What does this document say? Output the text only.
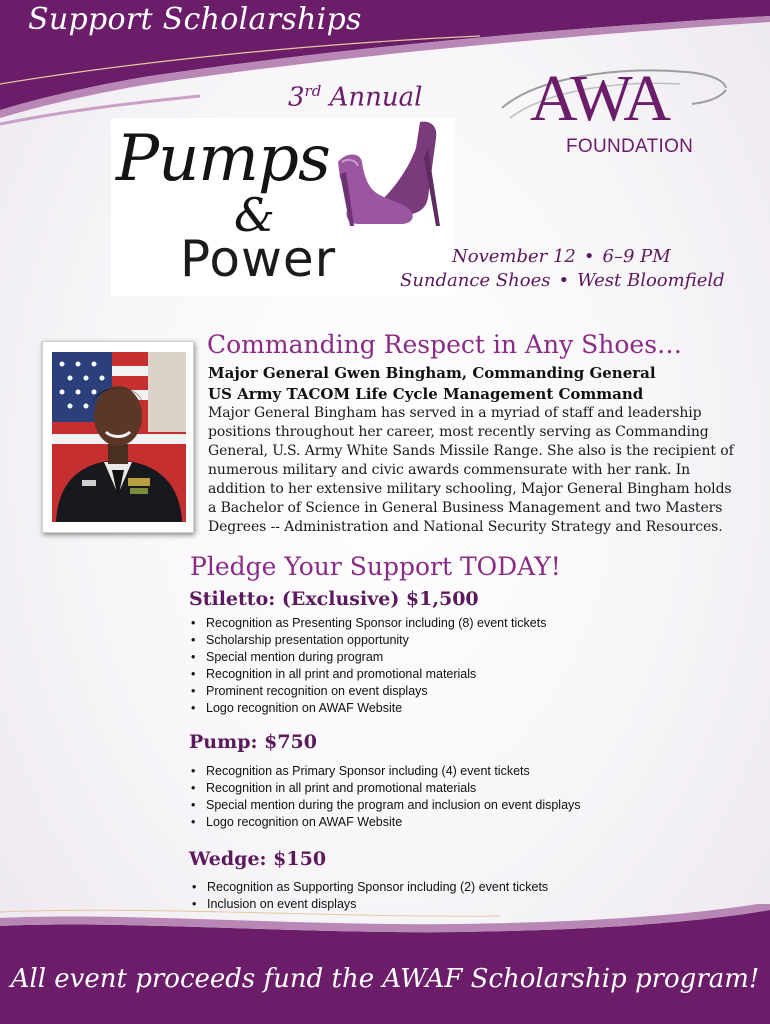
Support Scholarships
AWA
FOUNDATION
3rd Annual
Pumps
&
Power	November 12 • 6–9 PM
Sundance Shoes • West Bloomfield
Commanding Respect in Any Shoes…
Major General Gwen Bingham, Commanding General
US Army TACOM Life Cycle Management Command
Major General Bingham has served in a myriad of staff and leadership
positions throughout her career, most recently serving as Commanding
General, U.S. Army White Sands Missile Range. She also is the recipient of
numerous military and civic awards commensurate with her rank. In
addition to her extensive military schooling, Major General Bingham holds
a Bachelor of Science in General Business Management and two Masters
Degrees -- Administration and National Security Strategy and Resources.
Pledge Your Support TODAY!
Stiletto: (Exclusive) $1,500
• Recognition as Presenting Sponsor including (8) event tickets
• Scholarship presentation opportunity
• Special mention during program
• Recognition in all print and promotional materials
• Prominent recognition on event displays
• Logo recognition on AWAF Website
Pump: $750
• Recognition as Primary Sponsor including (4) event tickets
• Recognition in all print and promotional materials
• Special mention during the program and inclusion on event displays
• Logo recognition on AWAF Website
Wedge: $150
• Recognition as Supporting Sponsor including (2) event tickets
• Inclusion on event displays
All event proceeds fund the AWAF Scholarship program!
